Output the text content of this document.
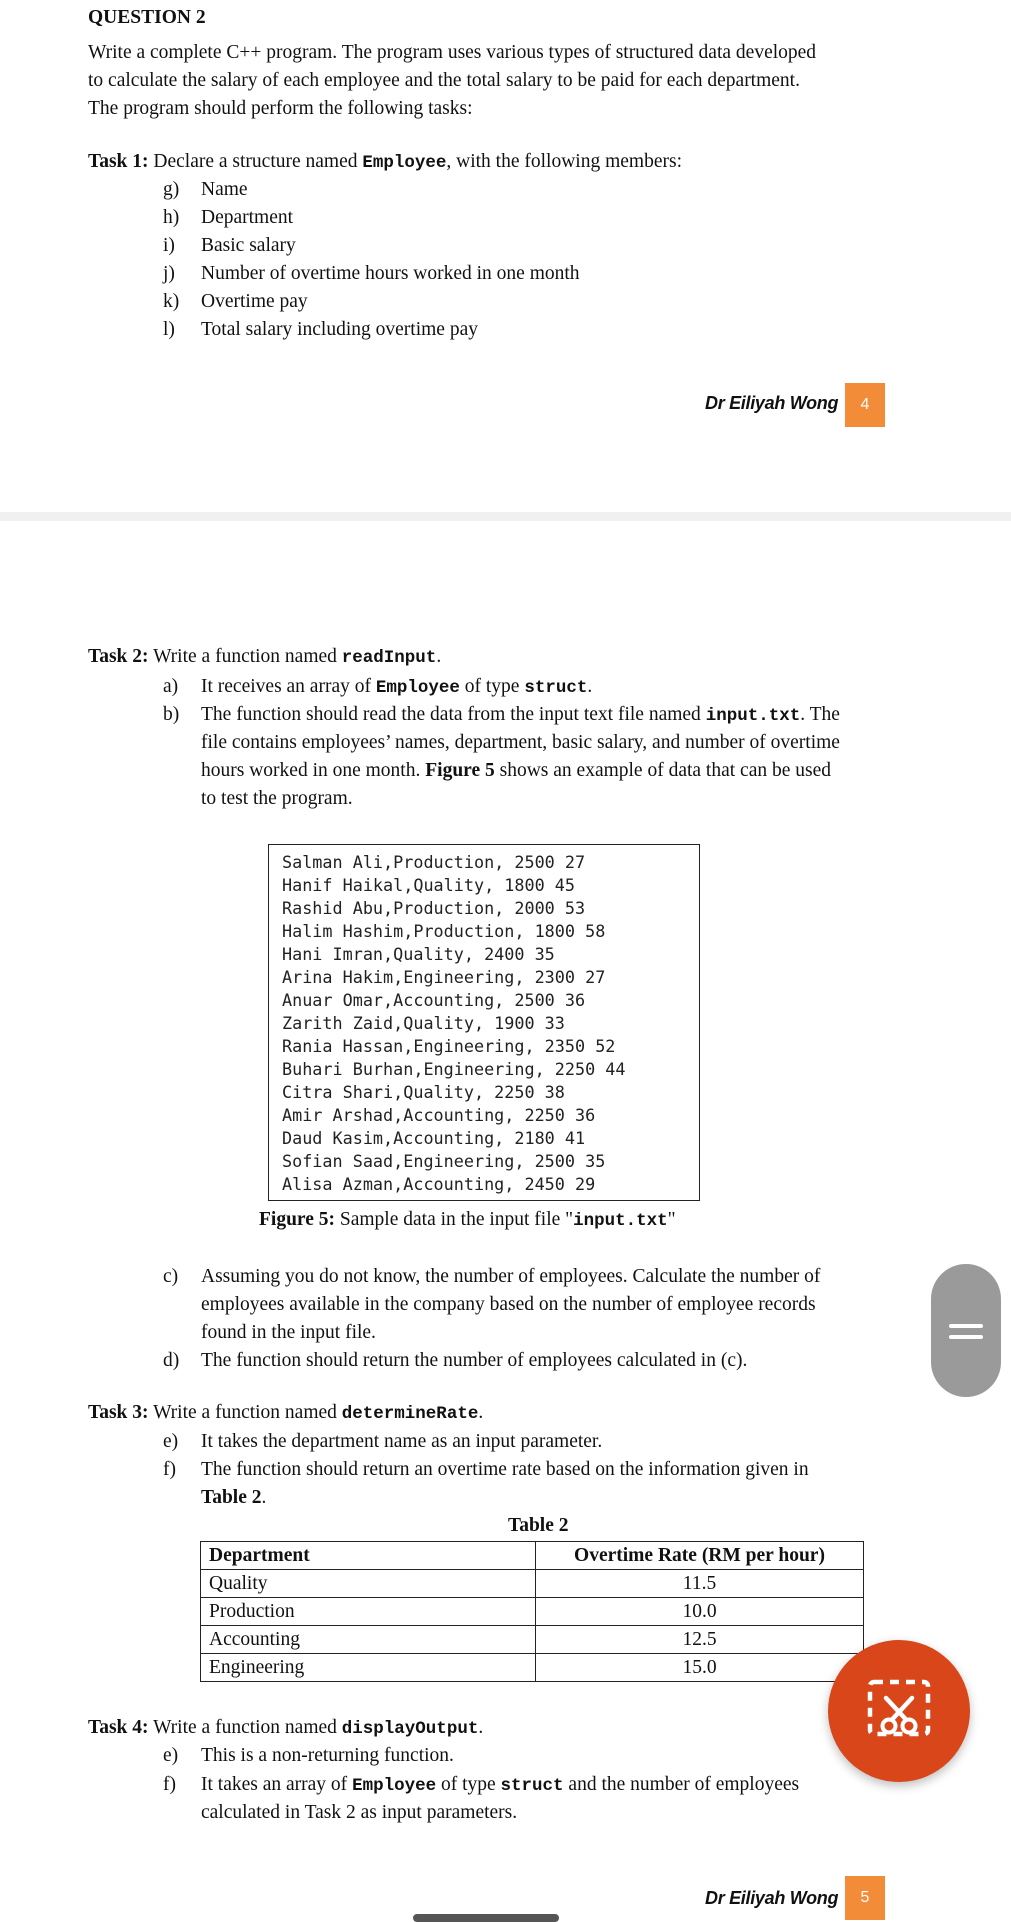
QUESTION 2
Write a complete C++ program. The program uses various types of structured data developed
to calculate the salary of each employee and the total salary to be paid for each department.
The program should perform the following tasks:
Task 1: Declare a structure named Employee, with the following members:
g)	Name
h)	Department
i)	Basic salary
j)	Number of overtime hours worked in one month
k)	Overtime pay
l)	Total salary including overtime pay
Dr Eiliyah Wong	4
Task 2: Write a function named readInput.
a)	It receives an array of Employee of type struct.
b)	The function should read the data from the input text file named input.txt. The
file contains employees’ names, department, basic salary, and number of overtime
hours worked in one month. Figure 5 shows an example of data that can be used
to test the program.
Salman Ali,Production, 2500 27
Hanif Haikal,Quality, 1800 45
Rashid Abu,Production, 2000 53
Halim Hashim,Production, 1800 58
Hani Imran,Quality, 2400 35
Arina Hakim,Engineering, 2300 27
Anuar Omar,Accounting, 2500 36
Zarith Zaid,Quality, 1900 33
Rania Hassan,Engineering, 2350 52
Buhari Burhan,Engineering, 2250 44
Citra Shari,Quality, 2250 38
Amir Arshad,Accounting, 2250 36
Daud Kasim,Accounting, 2180 41
Sofian Saad,Engineering, 2500 35
Alisa Azman,Accounting, 2450 29
Figure 5: Sample data in the input file "input.txt"
c)	Assuming you do not know, the number of employees. Calculate the number of
employees available in the company based on the number of employee records
found in the input file.
d)	The function should return the number of employees calculated in (c).
Task 3: Write a function named determineRate.
e)	It takes the department name as an input parameter.
f)	The function should return an overtime rate based on the information given in
Table 2.
Table 2
Department	Overtime Rate (RM per hour)
Quality	11.5
Production	10.0
Accounting	12.5
Engineering	15.0
Task 4: Write a function named displayOutput.
e)	This is a non-returning function.
f)	It takes an array of Employee of type struct and the number of employees
calculated in Task 2 as input parameters.
Dr Eiliyah Wong	5
